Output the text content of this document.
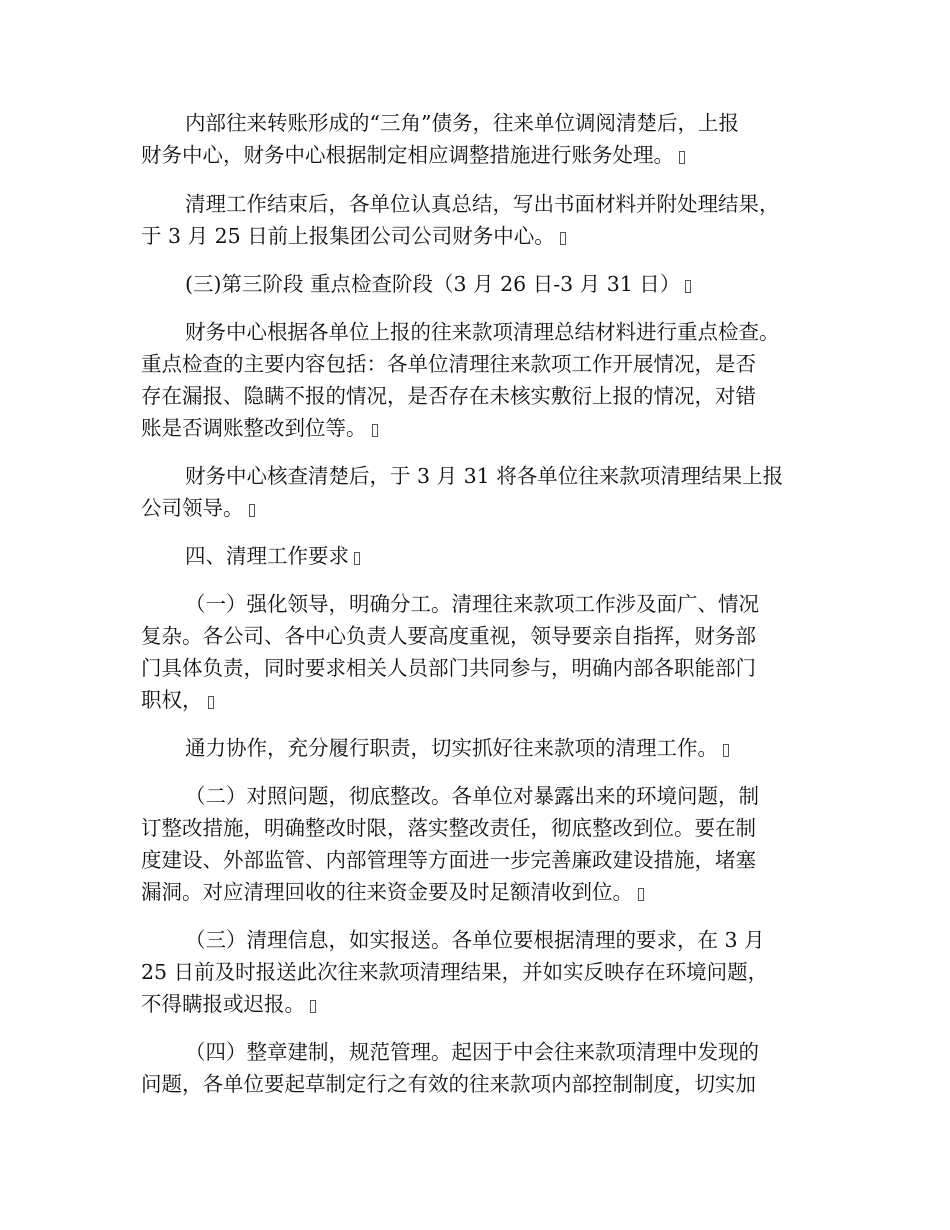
内部往来转账形成的“三角”债务，往来单位调阅清楚后，上报
财务中心，财务中心根据制定相应调整措施进行账务处理。
清理工作结束后，各单位认真总结，写出书面材料并附处理结果，
于 3 月 25 日前上报集团公司公司财务中心。
(三)第三阶段 重点检查阶段（3 月 26 日-3 月 31 日）
财务中心根据各单位上报的往来款项清理总结材料进行重点检查。
重点检查的主要内容包括：各单位清理往来款项工作开展情况，是否
存在漏报、隐瞒不报的情况，是否存在未核实敷衍上报的情况，对错
账是否调账整改到位等。
财务中心核查清楚后，于 3 月 31 将各单位往来款项清理结果上报
公司领导。
四、清理工作要求
（一）强化领导，明确分工。清理往来款项工作涉及面广、情况
复杂。各公司、各中心负责人要高度重视，领导要亲自指挥，财务部
门具体负责，同时要求相关人员部门共同参与，明确内部各职能部门
职权，
通力协作，充分履行职责，切实抓好往来款项的清理工作。
（二）对照问题，彻底整改。各单位对暴露出来的环境问题，制
订整改措施，明确整改时限，落实整改责任，彻底整改到位。要在制
度建设、外部监管、内部管理等方面进一步完善廉政建设措施，堵塞
漏洞。对应清理回收的往来资金要及时足额清收到位。
（三）清理信息，如实报送。各单位要根据清理的要求，在 3 月
25 日前及时报送此次往来款项清理结果，并如实反映存在环境问题，
不得瞒报或迟报。
（四）整章建制，规范管理。起因于中会往来款项清理中发现的
问题，各单位要起草制定行之有效的往来款项内部控制制度，切实加
